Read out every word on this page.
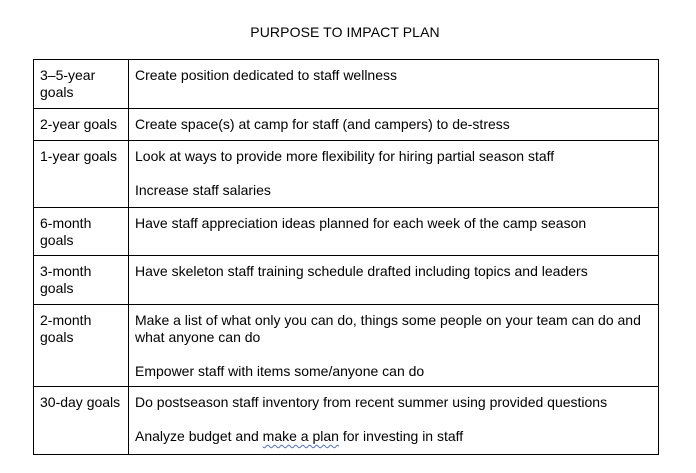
PURPOSE TO IMPACT PLAN
3–5-year goals	Create position dedicated to staff wellness

2-year goals	Create space(s) at camp for staff (and campers) to de-stress

1-year goals	Look at ways to provide more flexibility for hiring partial season staff
Increase staff salaries

6-month goals	Have staff appreciation ideas planned for each week of the camp season

3-month goals	Have skeleton staff training schedule drafted including topics and leaders

2-month goals	Make a list of what only you can do, things some people on your team can do and what anyone can do
Empower staff with items some/anyone can do

30-day goals	Do postseason staff inventory from recent summer using provided questions
Analyze budget and make a plan for investing in staff
